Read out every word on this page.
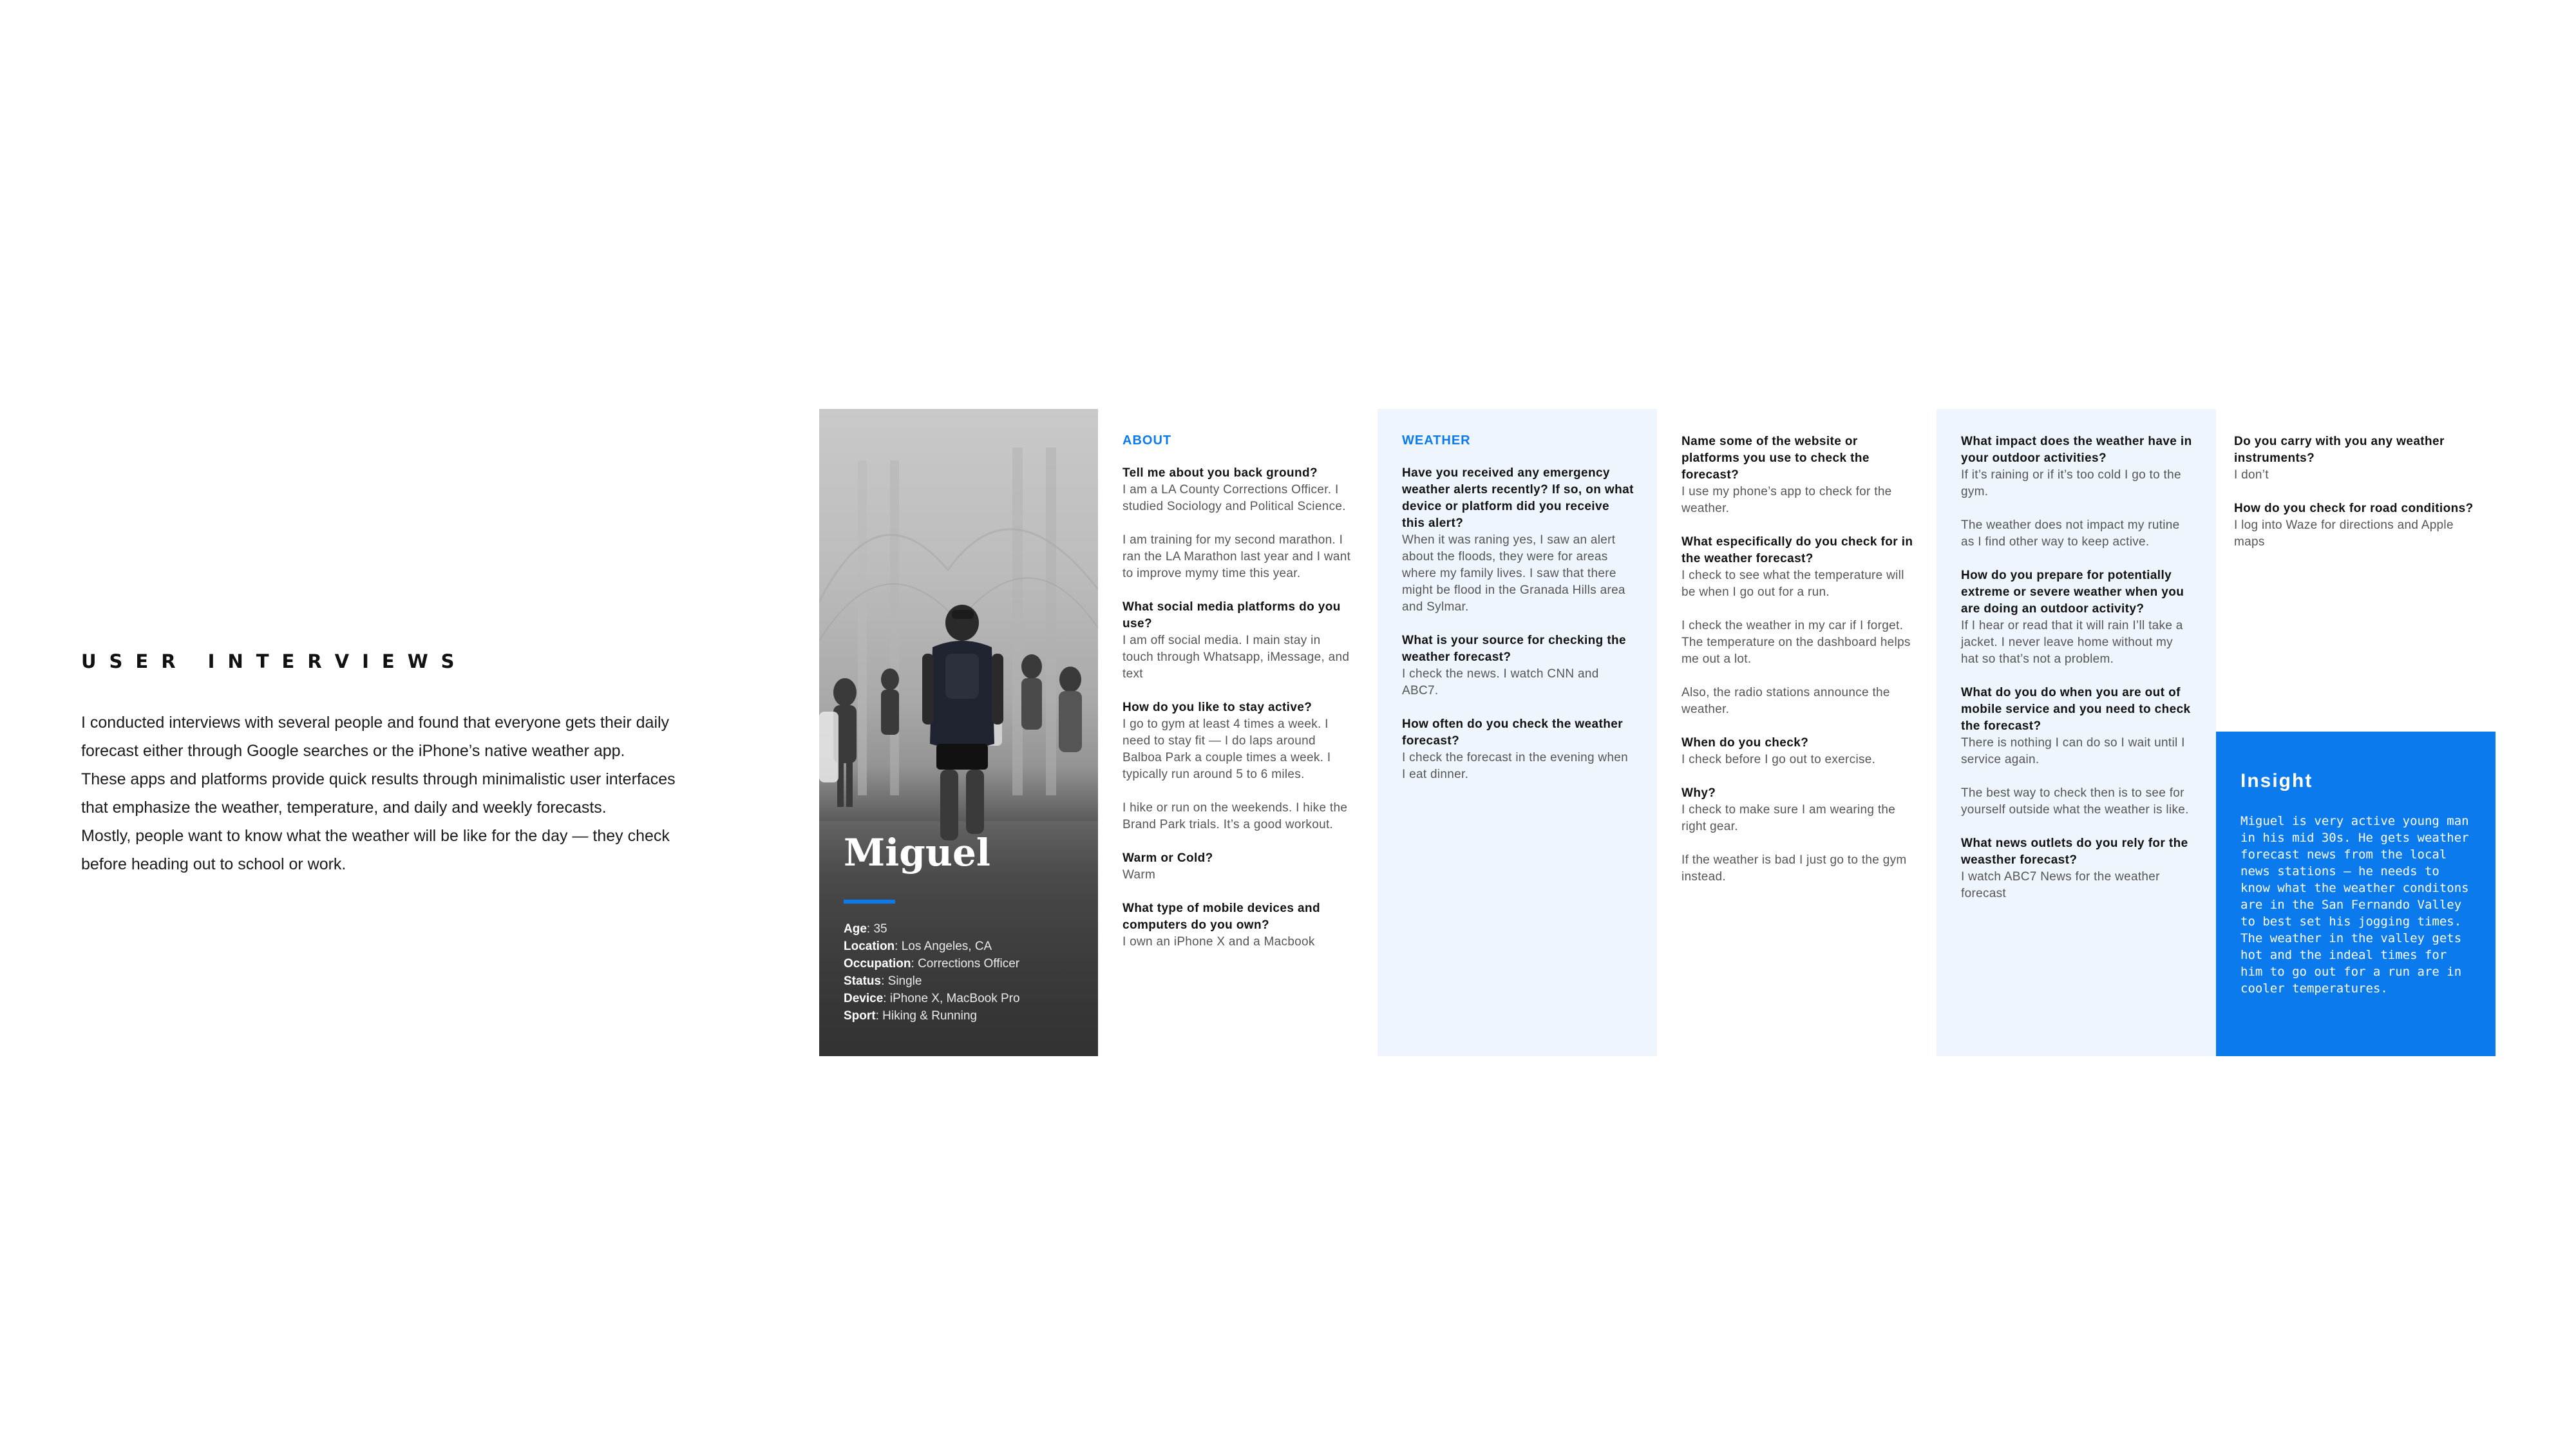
USER INTERVIEWS

I conducted interviews with several people and found that everyone gets their daily

forecast either through Google searches or the iPhone’s native weather app.

These apps and platforms provide quick results through minimalistic user interfaces

that emphasize the weather, temperature, and daily and weekly forecasts.

Mostly, people want to know what the weather will be like for the day — they check

before heading out to school or work.	Miguel
Age: 35
Location: Los Angeles, CA
Occupation: Corrections Officer
Status: Single
Device: iPhone X, MacBook Pro
Sport: Hiking & Running
ABOUT
Tell me about you back ground?
I am a LA County Corrections Officer. I studied Sociology and Political Science.
I am training for my second marathon. I ran the LA Marathon last year and I want to improve mymy time this year.
What social media platforms do you use?
I am off social media. I main stay in touch through Whatsapp, iMessage, and text
How do you like to stay active?
I go to gym at least 4 times a week. I need to stay fit — I do laps around Balboa Park a couple times a week. I typically run around 5 to 6 miles.
I hike or run on the weekends. I hike the Brand Park trials. It’s a good workout.
Warm or Cold?
Warm
What type of mobile devices and computers do you own?
I own an iPhone X and a Macbook
WEATHER
Have you received any emergency weather alerts recently? If so, on what device or platform did you receive this alert?
When it was raning yes, I saw an alert about the floods, they were for areas where my family lives. I saw that there might be flood in the Granada Hills area and Sylmar.
What is your source for checking the weather forecast?
I check the news. I watch CNN and ABC7.
How often do you check the weather forecast?
I check the forecast in the evening when I eat dinner.
Name some of the website or platforms you use to check the forecast?
I use my phone’s app to check for the weather.
What especifically do you check for in the weather forecast?
I check to see what the temperature will be when I go out for a run.
I check the weather in my car if I forget. The temperature on the dashboard helps me out a lot.
Also, the radio stations announce the weather.
When do you check?
I check before I go out to exercise.
Why?
I check to make sure I am wearing the right gear.
If the weather is bad I just go to the gym instead.
What impact does the weather have in your outdoor activities?
If it’s raining or if it’s too cold I go to the gym.
The weather does not impact my rutine as I find other way to keep active.
How do you prepare for potentially extreme or severe weather when you are doing an outdoor activity?
If I hear or read that it will rain I’ll take a jacket. I never leave home without my hat so that’s not a problem.
What do you do when you are out of mobile service and you need to check the forecast?
There is nothing I can do so I wait until I service again.
The best way to check then is to see for yourself outside what the weather is like.
What news outlets do you rely for the weasther forecast?
I watch ABC7 News for the weather forecast
Do you carry with you any weather instruments?
I don’t
How do you check for road conditions?
I log into Waze for directions and Apple maps
Insight
Miguel is very active young man in his mid 30s. He gets weather forecast news from the local news stations — he needs to know what the weather conditons are in the San Fernando Valley to best set his jogging times. The weather in the valley gets hot and the indeal times for him to go out for a run are in cooler temperatures.
